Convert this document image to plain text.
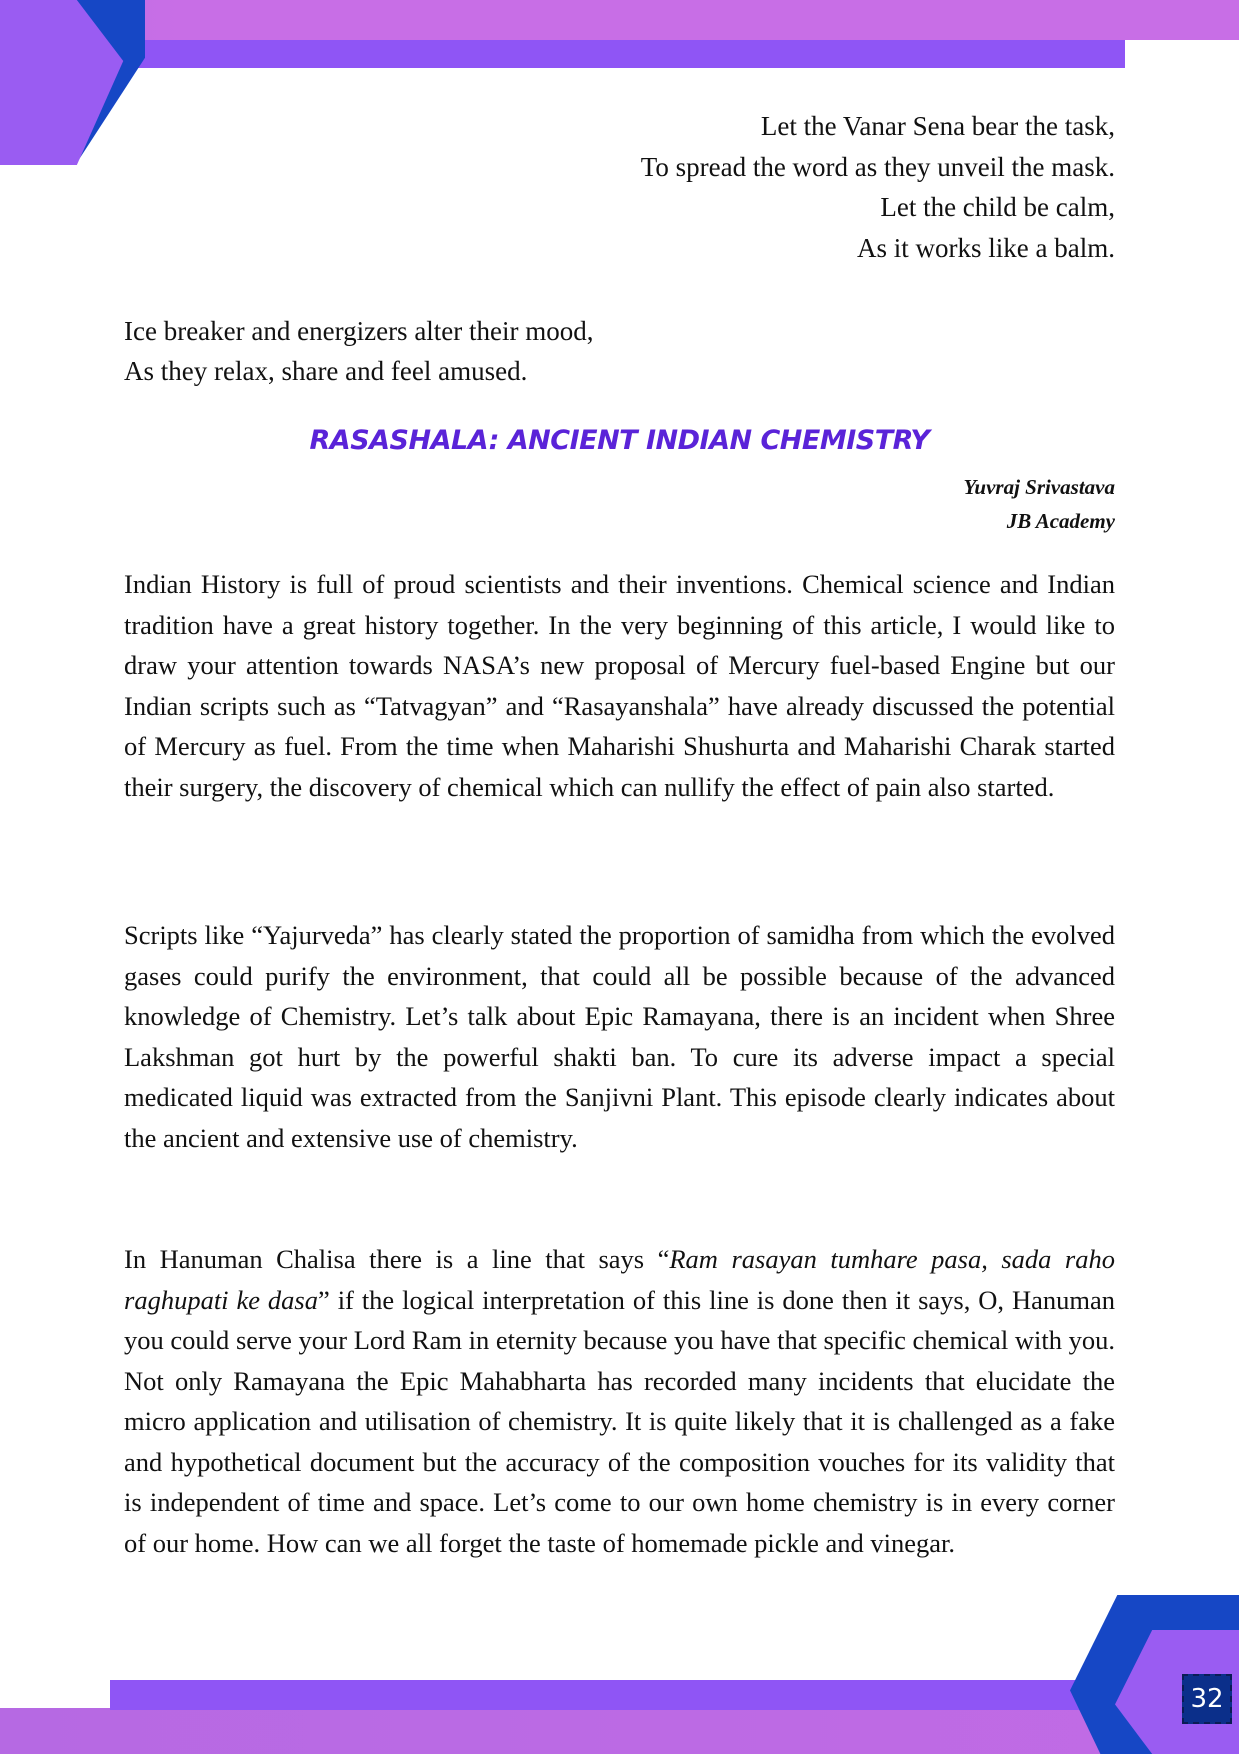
32
Let the Vanar Sena bear the task,
To spread the word as they unveil the mask.
Let the child be calm,
As it works like a balm.
Ice breaker and energizers alter their mood,
As they relax, share and feel amused.
RASASHALA: ANCIENT INDIAN CHEMISTRY
Yuvraj Srivastava
JB Academy

Indian History is full of proud scientists and their inventions. Chemical science and Indian tradition have a great history together. In the very beginning of this article, I would like to draw your attention towards NASA’s new proposal of Mercury fuel-based Engine but our Indian scripts such as “Tatvagyan” and “Rasayanshala” have already discussed the potential of Mercury as fuel. From the time when Maharishi Shushurta and Maharishi Charak started their surgery, the discovery of chemical which can nullify the effect of pain also started.

Scripts like “Yajurveda” has clearly stated the proportion of samidha from which the evolved gases could purify the environment, that could all be possible because of the advanced knowledge of Chemistry. Let’s talk about Epic Ramayana, there is an incident when Shree Lakshman got hurt by the powerful shakti ban. To cure its adverse impact a special medicated liquid was extracted from the Sanjivni Plant. This episode clearly indicates about the ancient and extensive use of chemistry.

In Hanuman Chalisa there is a line that says “Ram rasayan tumhare pasa, sada raho raghupati ke dasa” if the logical interpretation of this line is done then it says, O, Hanuman you could serve your Lord Ram in eternity because you have that specific chemical with you. Not only Ramayana the Epic Mahabharta has recorded many incidents that elucidate the micro application and utilisation of chemistry. It is quite likely that it is challenged as a fake and hypothetical document but the accuracy of the composition vouches for its validity that is independent of time and space. Let’s come to our own home chemistry is in every corner of our home. How can we all forget the taste of homemade pickle and vinegar.
